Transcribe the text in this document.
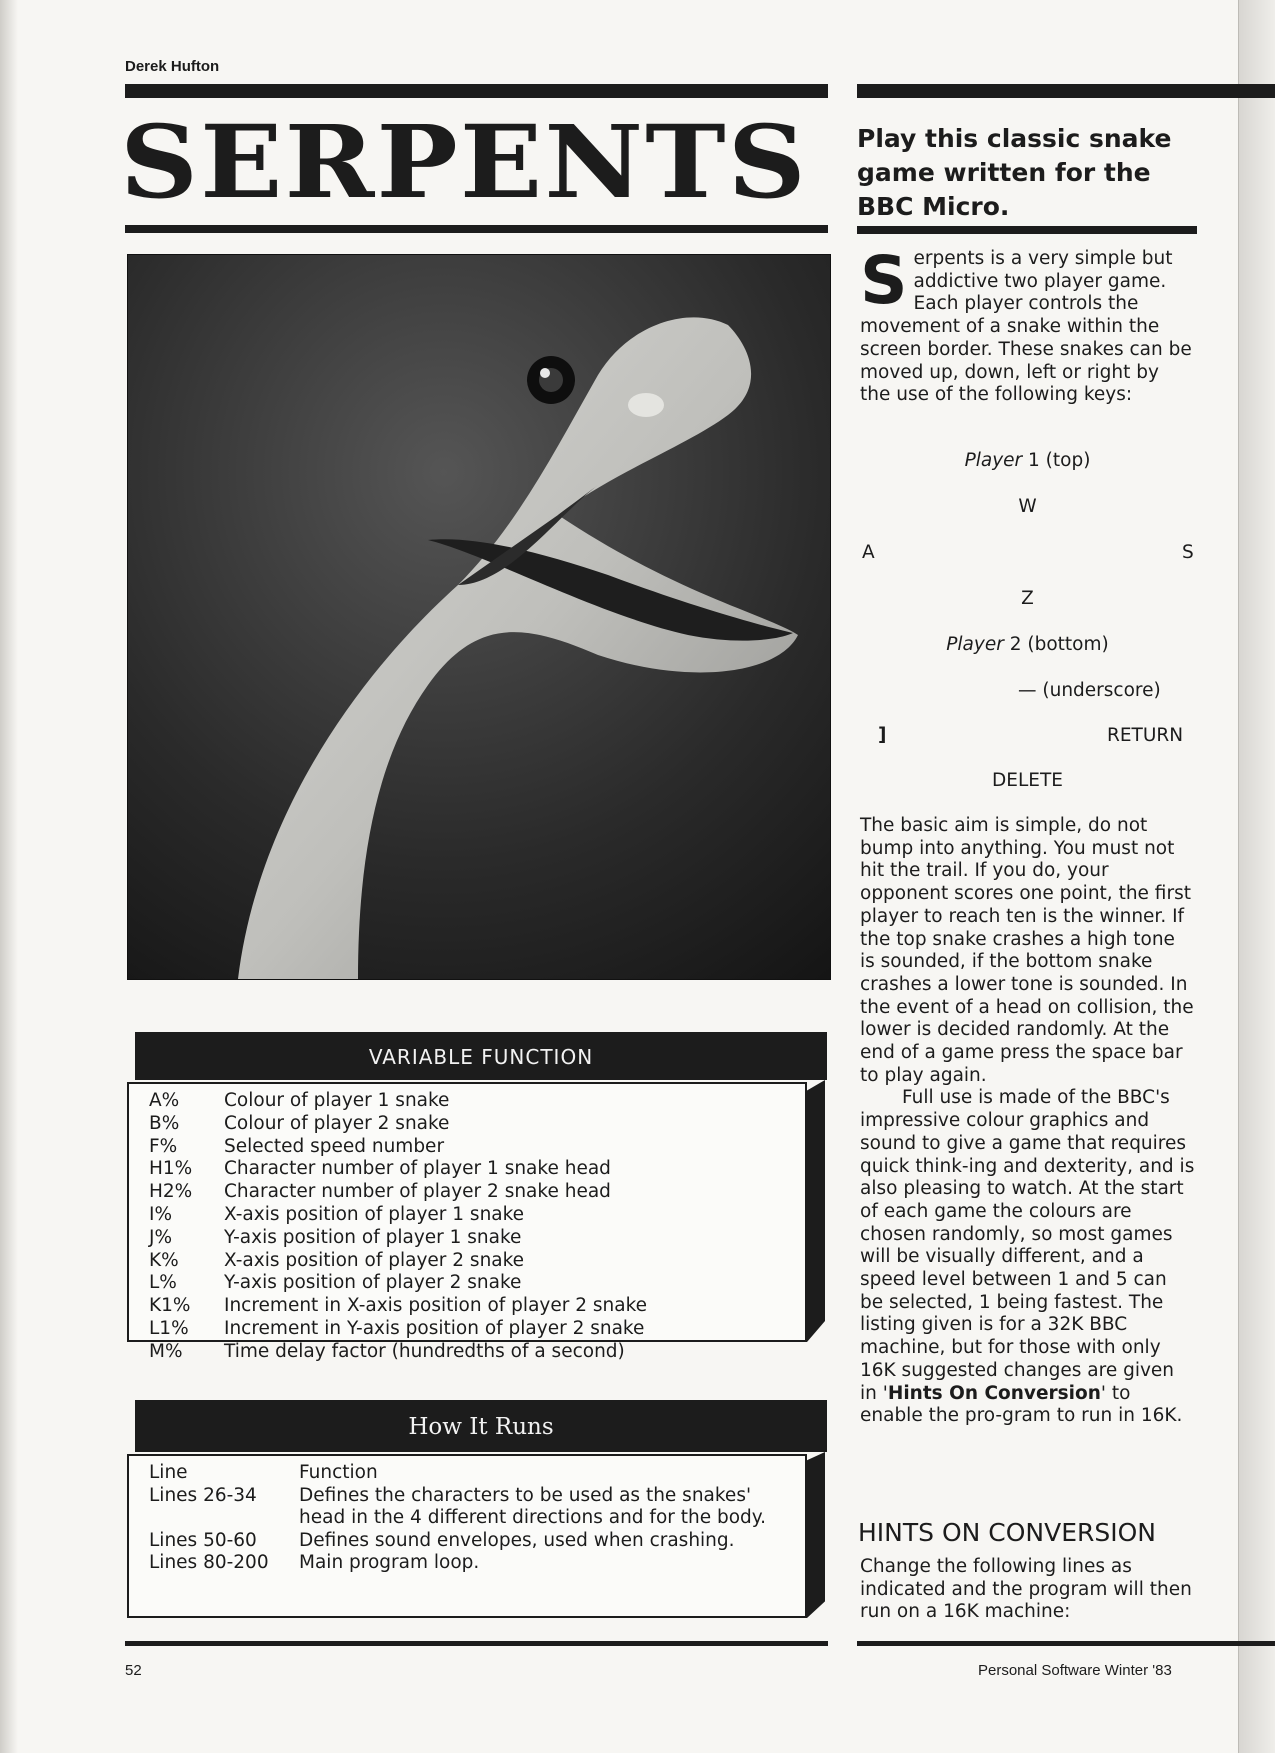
Derek Hufton
SERPENTS Play this classic snake game written for the BBC Micro.
VARIABLE FUNCTION
A%	Colour of player 1 snake
B%	Colour of player 2 snake
F%	Selected speed number
H1%	Character number of player 1 snake head
H2%	Character number of player 2 snake head
I%	X-axis position of player 1 snake
J%	Y-axis position of player 1 snake
K%	X-axis position of player 2 snake
L%	Y-axis position of player 2 snake
K1%	Increment in X-axis position of player 2 snake
L1%	Increment in Y-axis position of player 2 snake
M%	Time delay factor (hundredths of a second)
How It Runs
Line	Function
Lines 26-34	Defines the characters to be used as the snakes' head in the 4 different directions and for the body.
Lines 50-60	Defines sound envelopes, used when crashing.
Lines 80-200	Main program loop.
Serpents is a very simple but addictive two player game. Each player controls the movement of a snake within the screen border. These snakes can be moved up, down, left or right by the use of the following keys:
Player 1 (top)
W
A	S
Z
Player 2 (bottom)
— (underscore)
]	RETURN
DELETE
The basic aim is simple, do not bump into anything. You must not hit the trail. If you do, your opponent scores one point, the first player to reach ten is the winner. If the top snake crashes a high tone is sounded, if the bottom snake crashes a lower tone is sounded. In the event of a head on collision, the lower is decided randomly. At the end of a game press the space bar to play again.
Full use is made of the BBC's impressive colour graphics and sound to give a game that requires quick think-ing and dexterity, and is also pleasing to watch. At the start of each game the colours are chosen randomly, so most games will be visually different, and a speed level between 1 and 5 can be selected, 1 being fastest. The listing given is for a 32K BBC machine, but for those with only 16K suggested changes are given in 'Hints On Conversion' to enable the pro-gram to run in 16K.
HINTS ON CONVERSION
Change the following lines as indicated and the program will then run on a 16K machine:
52	Personal Software Winter '83
